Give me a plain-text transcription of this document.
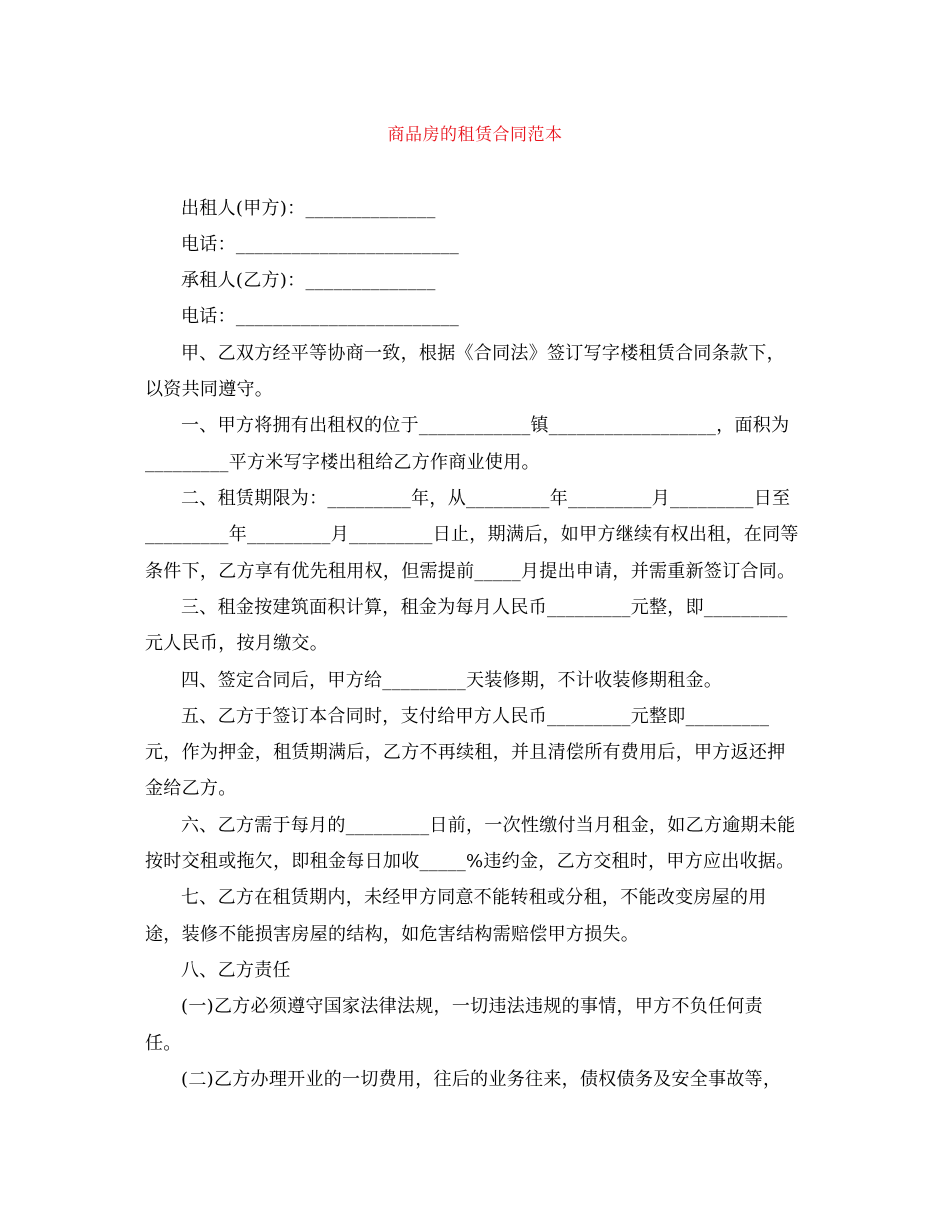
商品房的租赁合同范本
出租人(甲方)：______________
电话：________________________
承租人(乙方)：______________
电话：________________________
甲、乙双方经平等协商一致，根据《合同法》签订写字楼租赁合同条款下，
以资共同遵守。
一、甲方将拥有出租权的位于____________镇__________________，面积为
_________平方米写字楼出租给乙方作商业使用。
二、租赁期限为：_________年，从_________年_________月_________日至
_________年_________月_________日止，期满后，如甲方继续有权出租，在同等
条件下，乙方享有优先租用权，但需提前_____月提出申请，并需重新签订合同。
三、租金按建筑面积计算，租金为每月人民币_________元整，即_________
元人民币，按月缴交。
四、签定合同后，甲方给_________天装修期，不计收装修期租金。
五、乙方于签订本合同时，支付给甲方人民币_________元整即_________
元，作为押金，租赁期满后，乙方不再续租，并且清偿所有费用后，甲方返还押
金给乙方。
六、乙方需于每月的_________日前，一次性缴付当月租金，如乙方逾期未能
按时交租或拖欠，即租金每日加收_____%违约金，乙方交租时，甲方应出收据。
七、乙方在租赁期内，未经甲方同意不能转租或分租，不能改变房屋的用
途，装修不能损害房屋的结构，如危害结构需赔偿甲方损失。
八、乙方责任
(一)乙方必须遵守国家法律法规，一切违法违规的事情，甲方不负任何责
任。
(二)乙方办理开业的一切费用，往后的业务往来，债权债务及安全事故等，
